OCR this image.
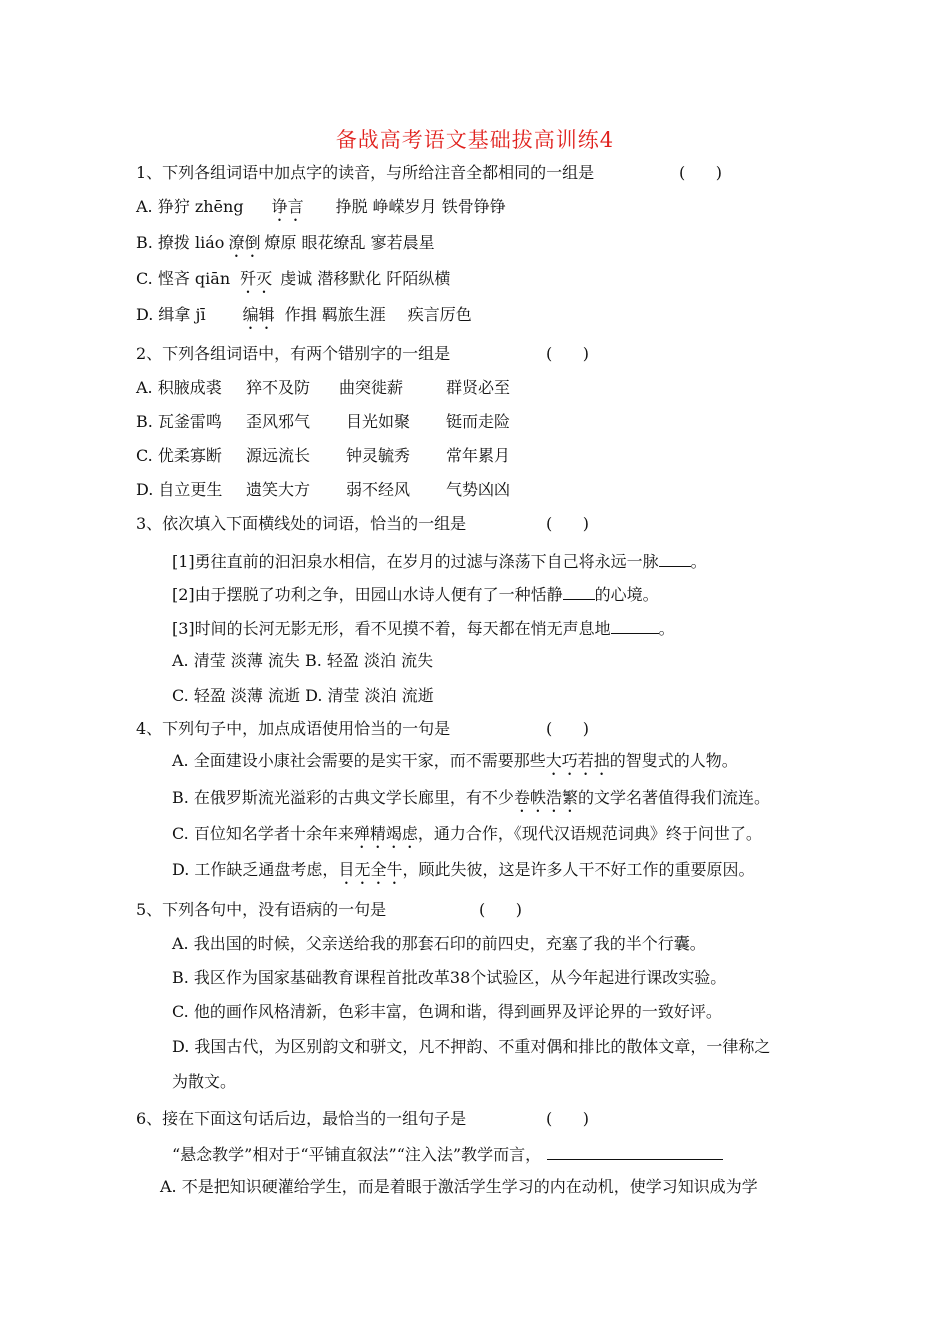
备战高考语文基础拔高训练4
1、下列各组词语中加点字的读音，与所给注音全都相同的一组是	(      )
A. 狰狞 zhēng 诤言 挣脱 峥嵘岁月 铁骨铮铮
B. 撩拨 liáo 潦倒 燎原 眼花缭乱 寥若晨星
C. 悭吝 qiān 歼灭 虔诚 潜移默化 阡陌纵横
D. 缉拿 jī 编辑 作揖 羁旅生涯 疾言厉色
2、下列各组词语中，有两个错别字的一组是	(      )
A. 积腋成裘 猝不及防 曲突徙薪	群贤必至
B. 瓦釜雷鸣 歪风邪气 目光如聚 铤而走险
C. 优柔寡断 源远流长 钟灵毓秀 常年累月
D. 自立更生 遗笑大方 弱不经风 气势凶凶
3、依次填入下面横线处的词语，恰当的一组是	(      )
[1]勇往直前的汩汩泉水相信，在岁月的过滤与涤荡下自己将永远一脉 。
[2]由于摆脱了功利之争，田园山水诗人便有了一种恬静 的心境。
[3]时间的长河无影无形，看不见摸不着，每天都在悄无声息地	。
A. 清莹 淡薄 流失 B. 轻盈 淡泊 流失
C. 轻盈 淡薄 流逝 D. 清莹 淡泊 流逝
4、下列句子中，加点成语使用恰当的一句是	(      )
A. 全面建设小康社会需要的是实干家，而不需要那些大巧若拙的智叟式的人物。
B. 在俄罗斯流光溢彩的古典文学长廊里，有不少卷帙浩繁的文学名著值得我们流连。
C. 百位知名学者十余年来殚精竭虑，通力合作，《现代汉语规范词典》终于问世了。
D. 工作缺乏通盘考虑，目无全牛，顾此失彼，这是许多人干不好工作的重要原因。
5、下列各句中，没有语病的一句是	(      )
A. 我出国的时候，父亲送给我的那套石印的前四史，充塞了我的半个行囊。
B. 我区作为国家基础教育课程首批改革38个试验区，从今年起进行课改实验。
C. 他的画作风格清新，色彩丰富，色调和谐，得到画界及评论界的一致好评。
D. 我国古代，为区别韵文和骈文，凡不押韵、不重对偶和排比的散体文章，一律称之
为散文。
6、接在下面这句话后边，最恰当的一组句子是	(      )
“悬念教学”相对于“平铺直叙法”“注入法”教学而言，
A. 不是把知识硬灌给学生，而是着眼于激活学生学习的内在动机，使学习知识成为学
